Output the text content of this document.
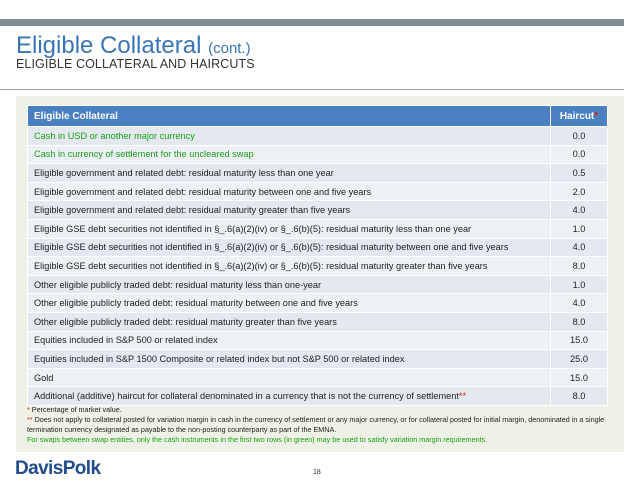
Eligible Collateral (cont.)
ELIGIBLE COLLATERAL AND HAIRCUTS
Eligible Collateral	Haircut*
Cash in USD or another major currency	0.0
Cash in currency of settlement for the uncleared swap	0.0
Eligible government and related debt: residual maturity less than one year	0.5
Eligible government and related debt: residual maturity between one and five years	2.0
Eligible government and related debt: residual maturity greater than five years	4.0
Eligible GSE debt securities not identified in §_.6(a)(2)(iv) or §_.6(b)(5): residual maturity less than one year	1.0
Eligible GSE debt securities not identified in §_.6(a)(2)(iv) or §_.6(b)(5): residual maturity between one and five years	4.0
Eligible GSE debt securities not identified in §_.6(a)(2)(iv) or §_.6(b)(5): residual maturity greater than five years	8.0
Other eligible publicly traded debt: residual maturity less than one-year	1.0
Other eligible publicly traded debt: residual maturity between one and five years	4.0
Other eligible publicly traded debt: residual maturity greater than five years	8.0
Equities included in S&P 500 or related index	15.0
Equities included in S&P 1500 Composite or related index but not S&P 500 or related index	25.0
Gold	15.0
Additional (additive) haircut for collateral denominated in a currency that is not the currency of settlement**	8.0
* Percentage of market value.
** Does not apply to collateral posted for variation margin in cash in the currency of settlement or any major currency, or for collateral posted for initial margin, denominated in a single termination currency designated as payable to the non-posting counterparty as part of the EMNA.
For swaps between swap entities, only the cash instruments in the first two rows (in green) may be used to satisfy variation margin requirements.
DavisPolk	18
